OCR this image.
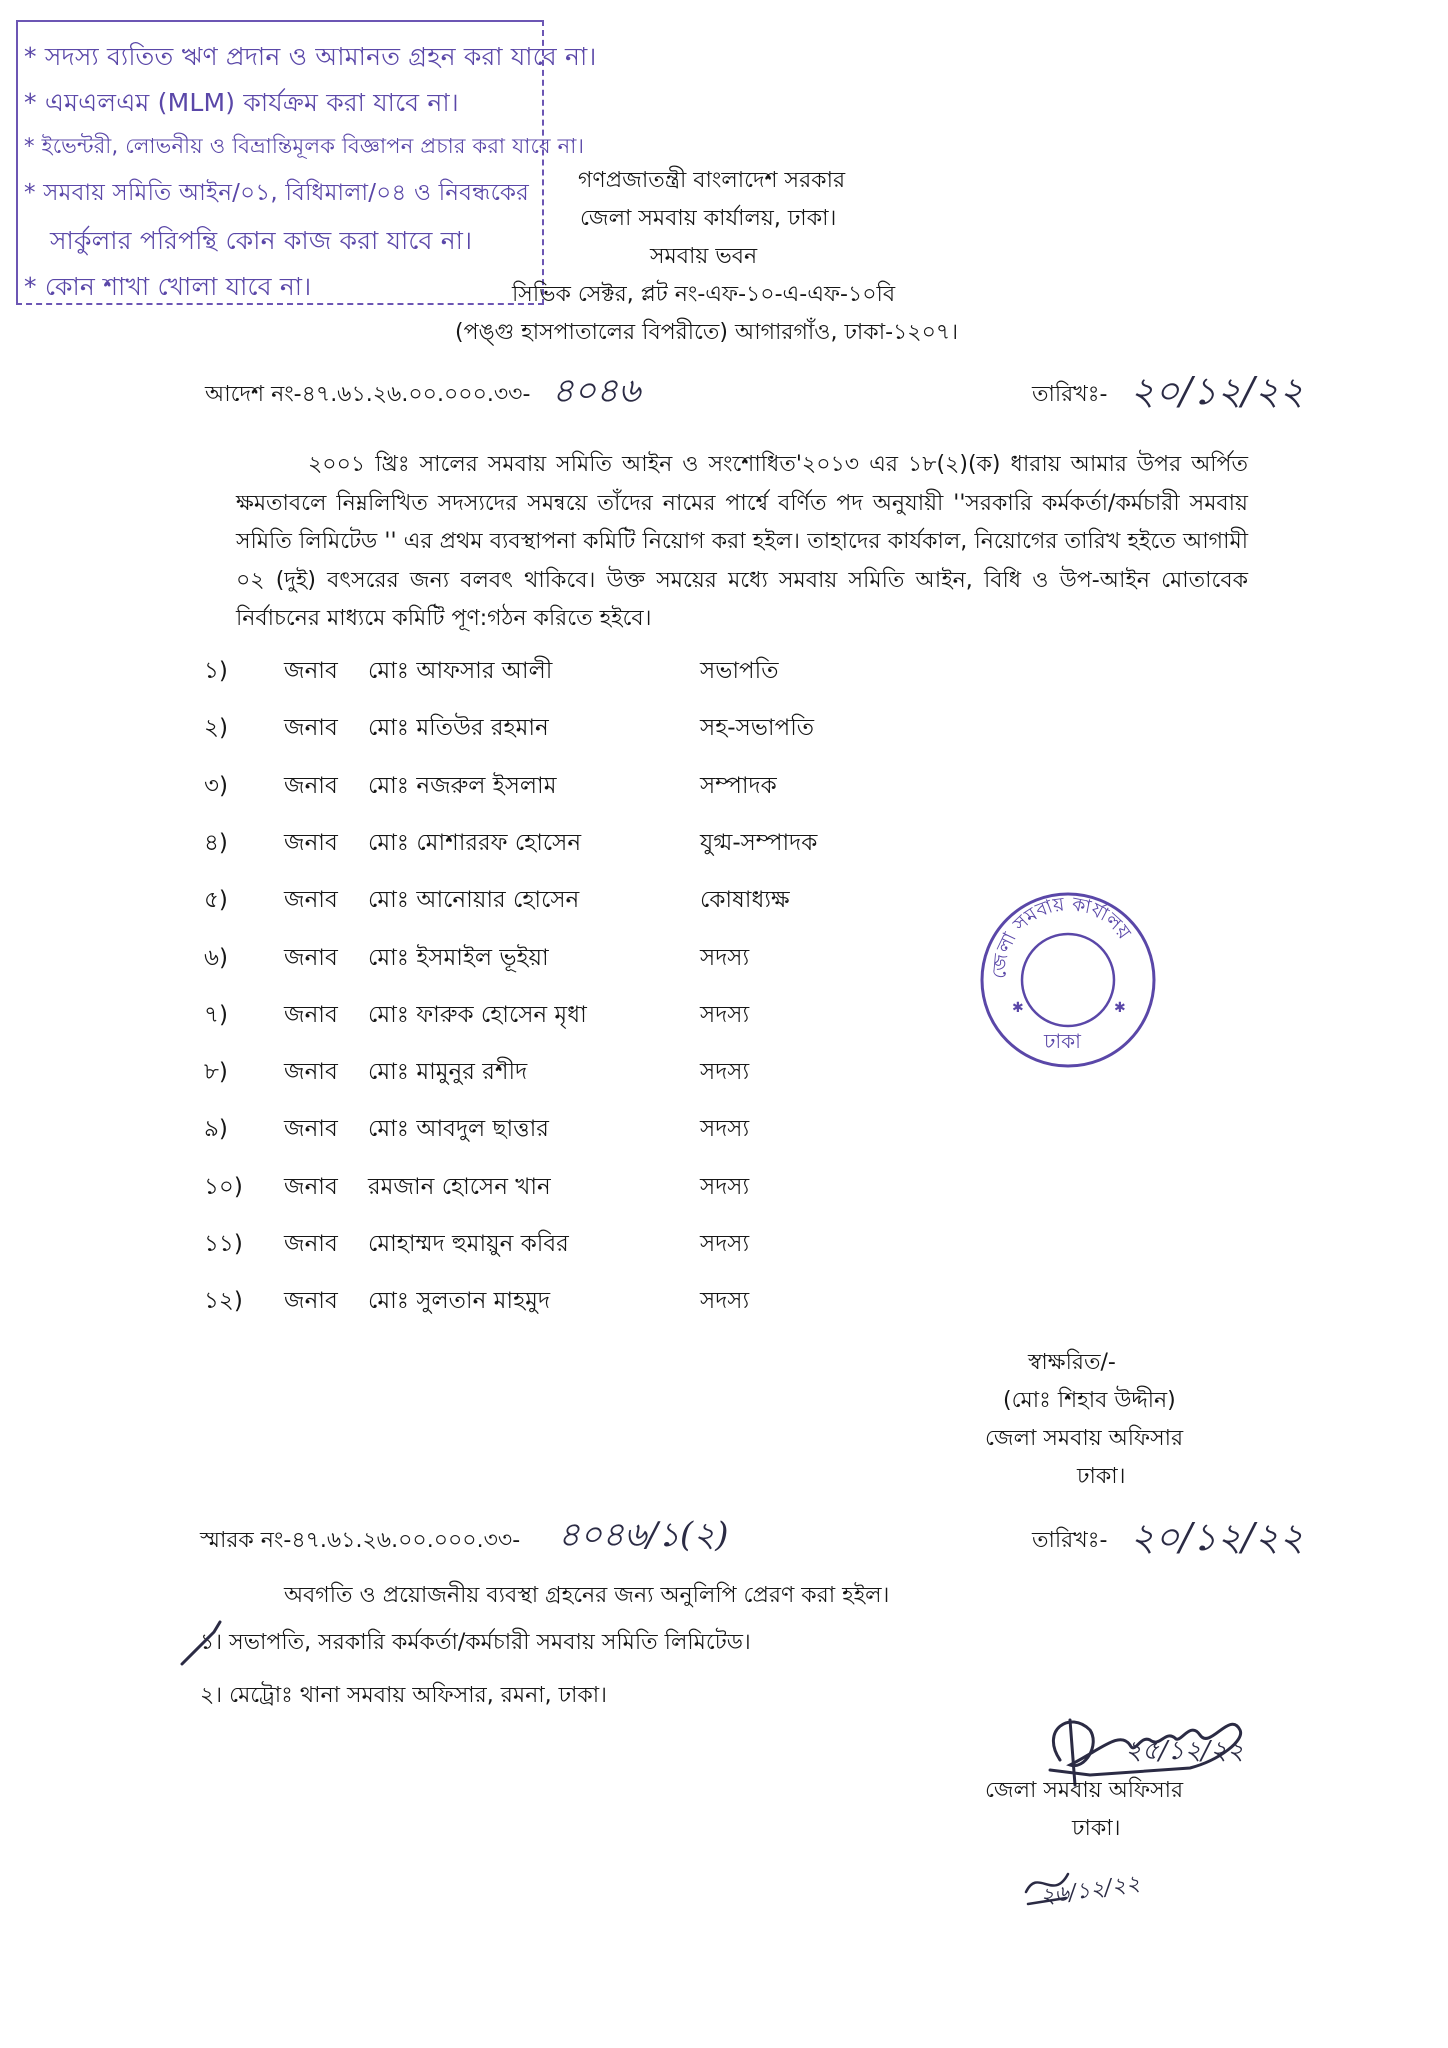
* সদস্য ব্যতিত ঋণ প্রদান ও আমানত গ্রহন করা যাবে না।
* এমএলএম (MLM) কার্যক্রম করা যাবে না।
* ইভেন্টরী, লোভনীয় ও বিভ্রান্তিমূলক বিজ্ঞাপন প্রচার করা যাবে না।
* সমবায় সমিতি আইন/০১, বিধিমালা/০৪ ও নিবন্ধকের
সার্কুলার পরিপন্থি কোন কাজ করা যাবে না।
* কোন শাখা খোলা যাবে না।
গণপ্রজাতন্ত্রী বাংলাদেশ সরকার
জেলা সমবায় কার্যালয়, ঢাকা।
সমবায় ভবন
সিভিক সেক্টর, প্লট নং-এফ-১০-এ-এফ-১০বি
(পঙ্গু হাসপাতালের বিপরীতে) আগারগাঁও, ঢাকা-১২০৭।
আদেশ নং-৪৭.৬১.২৬.০০.০০০.৩৩- ৪০৪৬	তারিখঃ- ২০/১২/২২
২০০১ খ্রিঃ সালের সমবায় সমিতি আইন ও সংশোধিত'২০১৩ এর ১৮(২)(ক) ধারায় আমার উপর অর্পিত ক্ষমতাবলে নিম্নলিখিত সদস্যদের সমন্বয়ে তাঁদের নামের পার্শ্বে বর্ণিত পদ অনুযায়ী ''সরকারি কর্মকর্তা/কর্মচারী সমবায় সমিতি লিমিটেড '' এর প্রথম ব্যবস্থাপনা কমিটি নিয়োগ করা হইল। তাহাদের কার্যকাল, নিয়োগের তারিখ হইতে আগামী ০২ (দুই) বৎসরের জন্য বলবৎ থাকিবে। উক্ত সময়ের মধ্যে সমবায় সমিতি আইন, বিধি ও উপ-আইন মোতাবেক নির্বাচনের মাধ্যমে কমিটি পূণ:গঠন করিতে হইবে।
১) জনাব মোঃ আফসার আলী	সভাপতি
২) জনাব মোঃ মতিউর রহমান	সহ-সভাপতি
৩) জনাব মোঃ নজরুল ইসলাম	সম্পাদক
৪) জনাব মোঃ মোশাররফ হোসেন	যুগ্ম-সম্পাদক
৫) জনাব মোঃ আনোয়ার হোসেন	কোষাধ্যক্ষ
৬) জনাব মোঃ ইসমাইল ভূইয়া	সদস্য
৭) জনাব মোঃ ফারুক হোসেন মৃধা	সদস্য
৮) জনাব মোঃ মামুনুর রশীদ	সদস্য
৯) জনাব মোঃ আবদুল ছাত্তার	সদস্য
১০) জনাব রমজান হোসেন খান	সদস্য
১১) জনাব মোহাম্মদ হুমায়ুন কবির	সদস্য
১২) জনাব মোঃ সুলতান মাহমুদ	সদস্য
জেলা সমবায় কার্যালয়
ঢাকা
✱	✱
স্বাক্ষরিত/-
(মোঃ শিহাব উদ্দীন)
জেলা সমবায় অফিসার
ঢাকা।
স্মারক নং-৪৭.৬১.২৬.০০.০০০.৩৩- ৪০৪৬/১(২)	তারিখঃ- ২০/১২/২২
অবগতি ও প্রয়োজনীয় ব্যবস্থা গ্রহনের জন্য অনুলিপি প্রেরণ করা হইল।
১। সভাপতি, সরকারি কর্মকর্তা/কর্মচারী সমবায় সমিতি লিমিটেড।
২। মেট্রোঃ থানা সমবায় অফিসার, রমনা, ঢাকা।
২৫/১২/২২
জেলা সমবায় অফিসার
ঢাকা।
২৬/১২/২২
